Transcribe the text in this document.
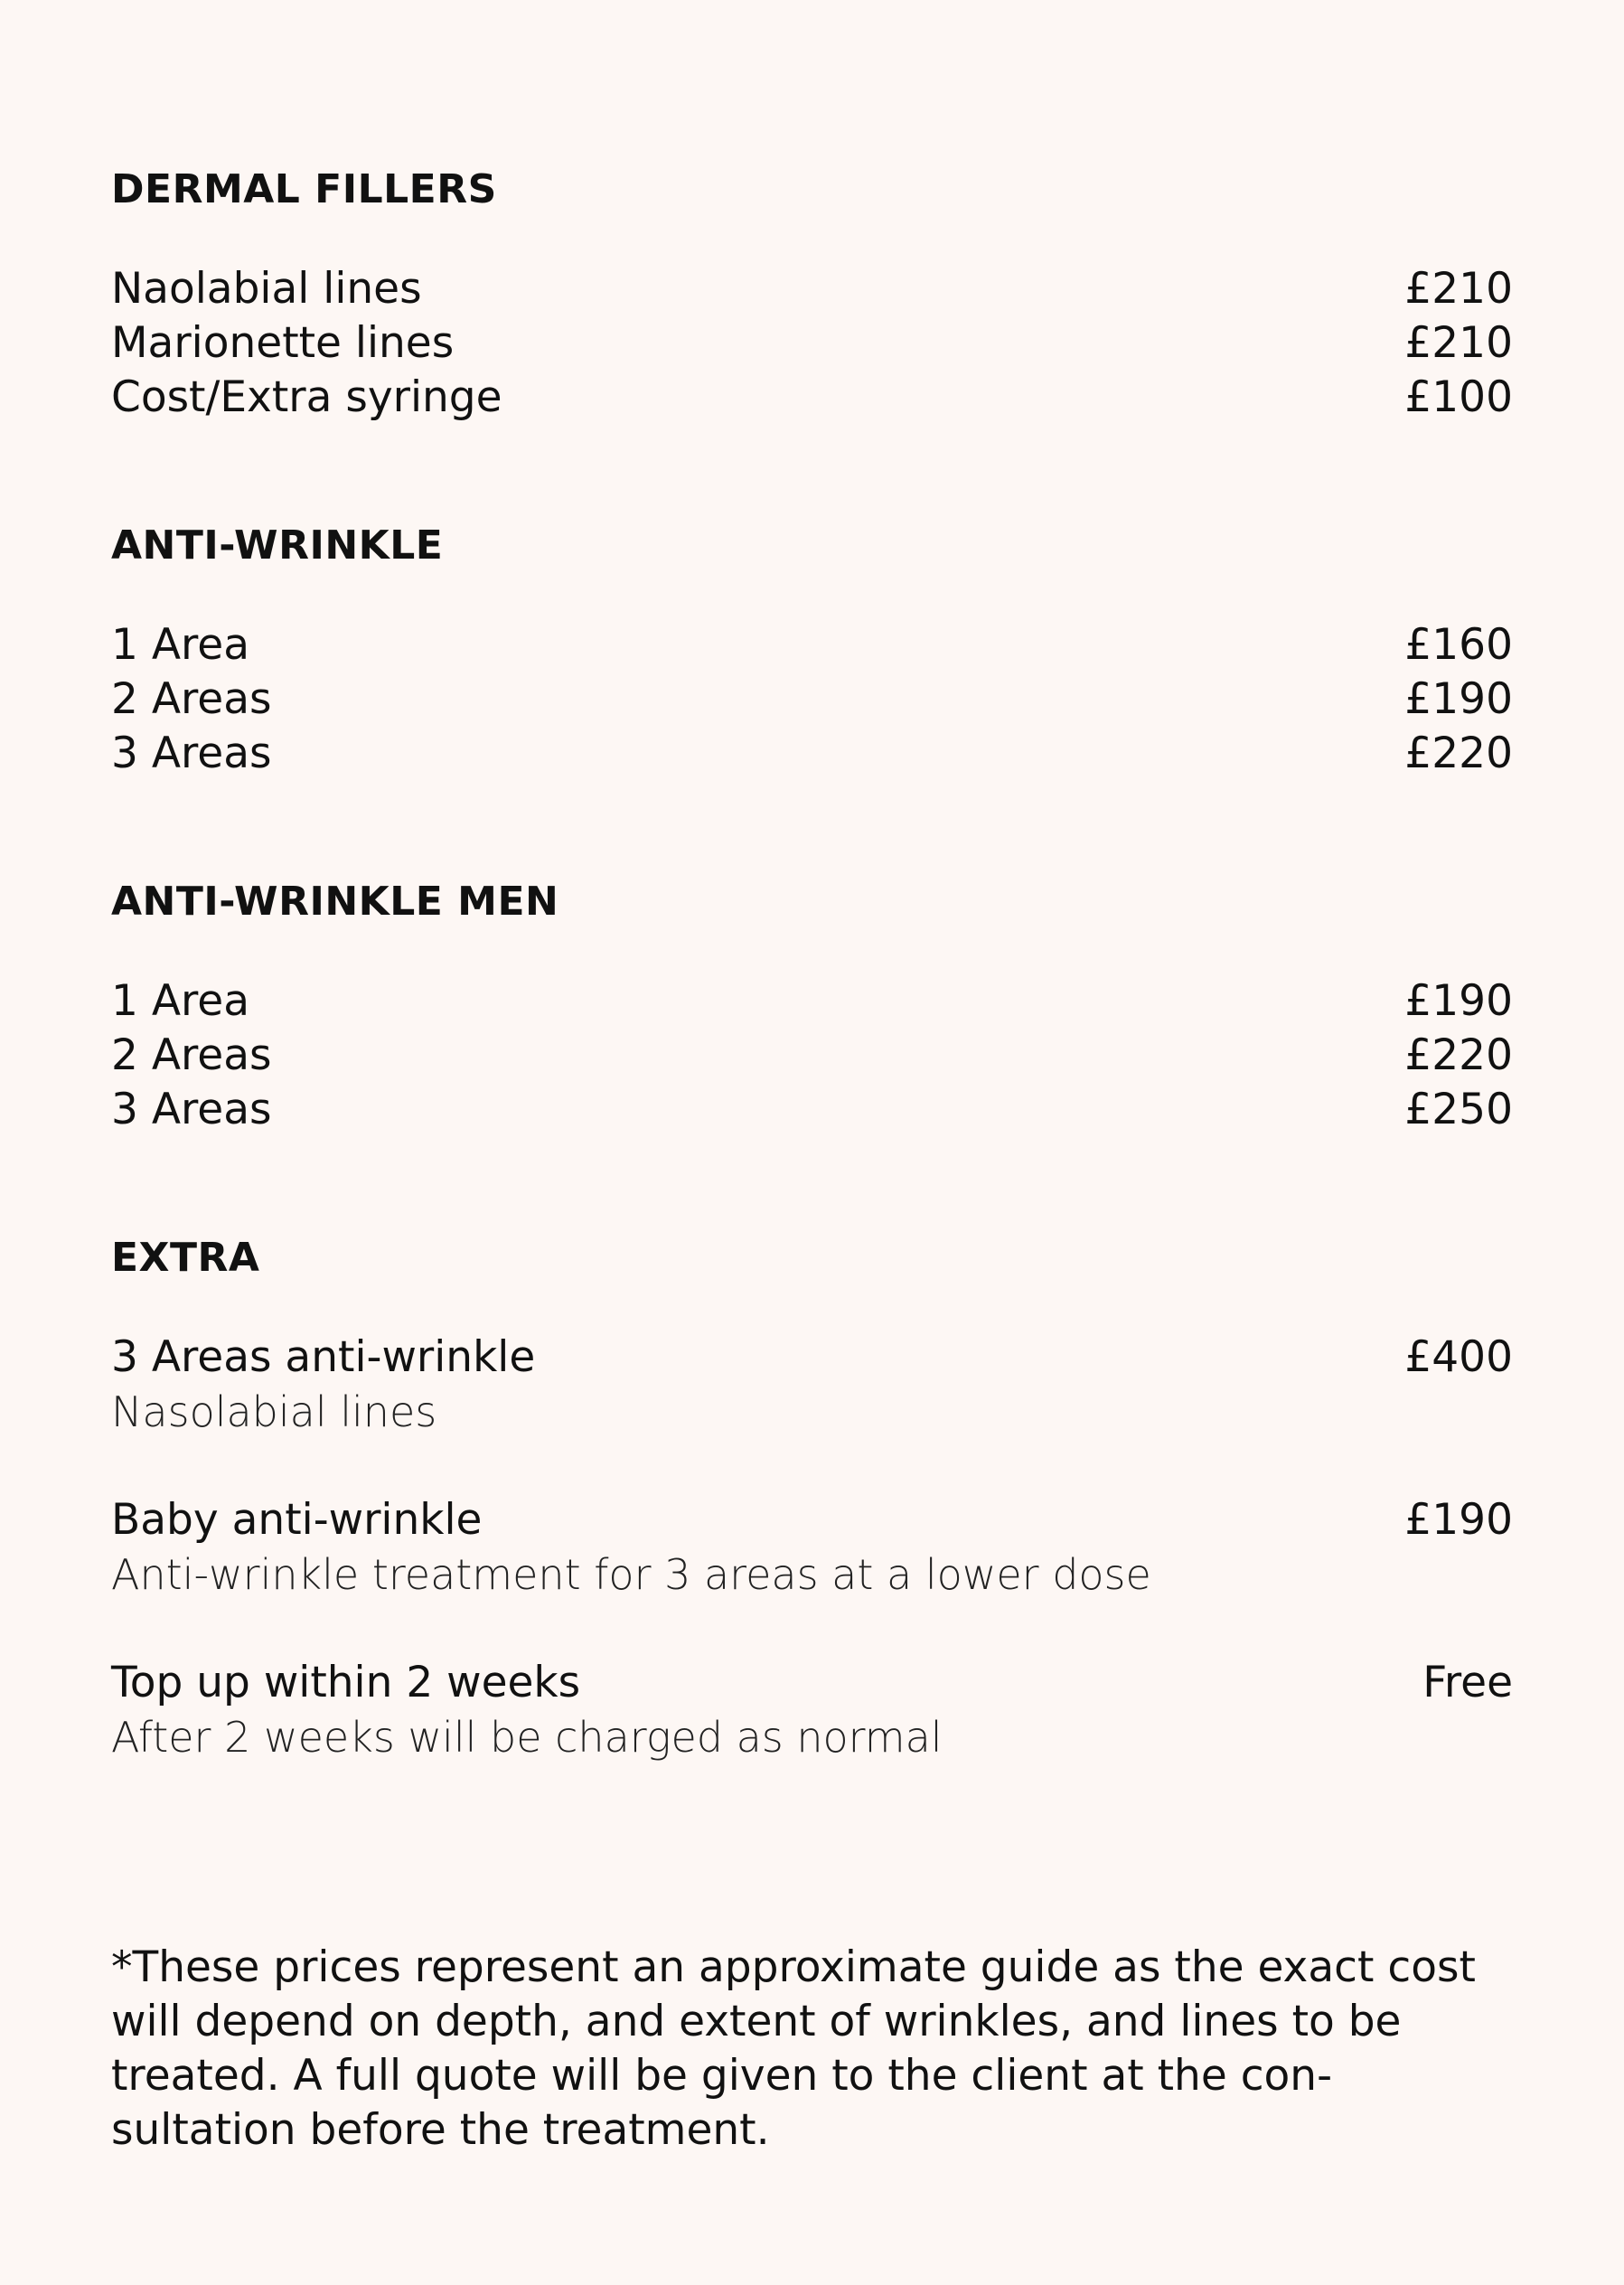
DERMAL FILLERS
Naolabial lines	£210
Marionette lines	£210
Cost/Extra syringe	£100
ANTI-WRINKLE
1 Area	£160
2 Areas	£190
3 Areas	£220
ANTI-WRINKLE MEN
1 Area	£190
2 Areas	£220
3 Areas	£250
EXTRA
3 Areas anti-wrinkle	£400
Nasolabial lines
Baby anti-wrinkle	£190
Anti-wrinkle treatment for 3 areas at a lower dose
Top up within 2 weeks	Free
After 2 weeks will be charged as normal

*These prices represent an approximate guide as the exact cost will depend on depth, and extent of wrinkles, and lines to be treated. A full quote will be given to the client at the con-sultation before the treatment.
